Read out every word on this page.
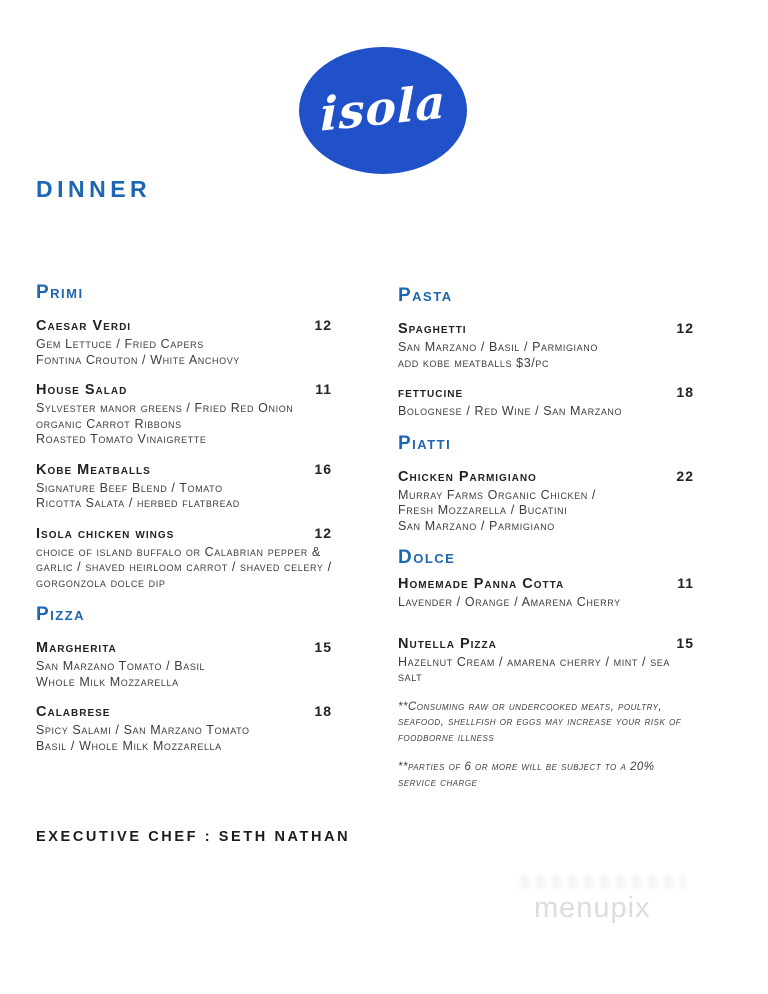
isola
DINNER
Primi
Caesar Verdi	12
Gem Lettuce / Fried Capers
Fontina Crouton / White Anchovy
House Salad	11
Sylvester manor greens / Fried Red Onion
organic Carrot Ribbons
Roasted Tomato Vinaigrette
Kobe Meatballs	16
Signature Beef Blend / Tomato
Ricotta Salata / herbed flatbread
Isola chicken wings	12
choice of island buffalo or Calabrian pepper &
garlic / shaved heirloom carrot / shaved celery /
gorgonzola dolce dip
Pizza
Margherita	15
San Marzano Tomato / Basil
Whole Milk Mozzarella
Calabrese	18
Spicy Salami / San Marzano Tomato
Basil / Whole Milk Mozzarella
Pasta
Spaghetti	12
San Marzano / Basil / Parmigiano
add kobe meatballs $3/pc
fettucine	18
Bolognese / Red Wine / San Marzano
Piatti
Chicken Parmigiano	22
Murray Farms Organic Chicken /
Fresh Mozzarella / Bucatini
San Marzano / Parmigiano
Dolce
Homemade Panna Cotta	11
Lavender / Orange / Amarena Cherry
Nutella Pizza	15
Hazelnut Cream / amarena cherry / mint / sea salt
**Consuming raw or undercooked meats, poultry, seafood, shellfish or eggs may increase your risk of foodborne illness
**parties of 6 or more will be subject to a 20% service charge
EXECUTIVE CHEF : SETH NATHAN
menupix
